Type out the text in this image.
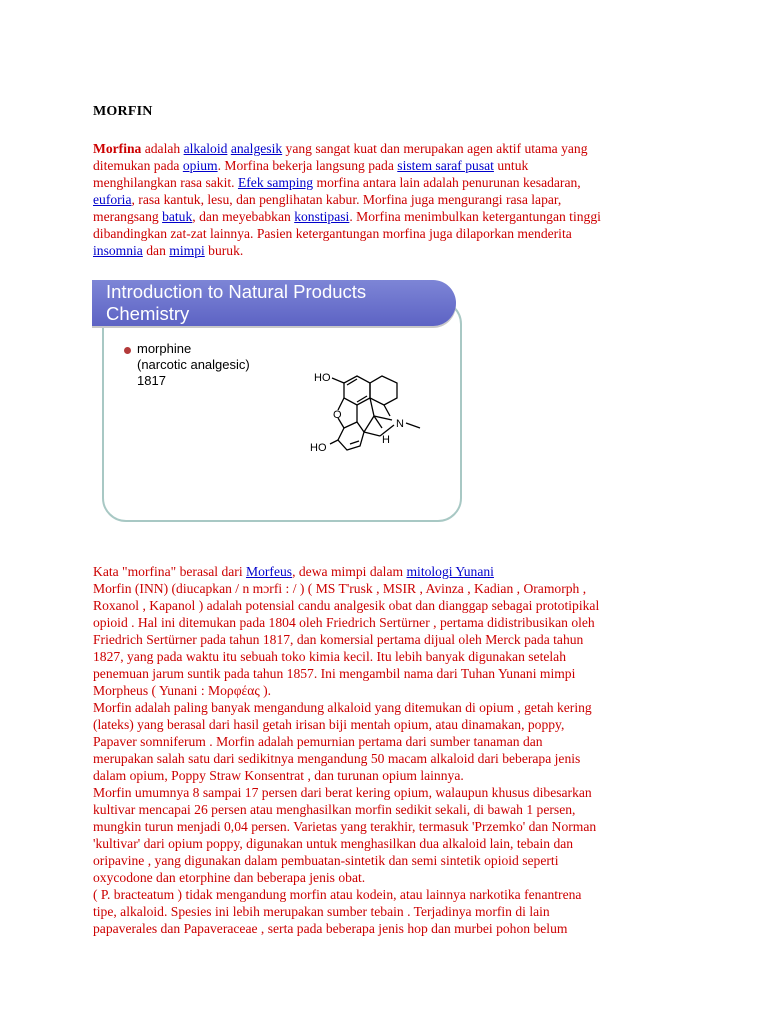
MORFIN
Morfina adalah alkaloid analgesik yang sangat kuat dan merupakan agen aktif utama yang
ditemukan pada opium. Morfina bekerja langsung pada sistem saraf pusat untuk
menghilangkan rasa sakit. Efek samping morfina antara lain adalah penurunan kesadaran,
euforia, rasa kantuk, lesu, dan penglihatan kabur. Morfina juga mengurangi rasa lapar,
merangsang batuk, dan meyebabkan konstipasi. Morfina menimbulkan ketergantungan tinggi
dibandingkan zat-zat lainnya. Pasien ketergantungan morfina juga dilaporkan menderita
insomnia dan mimpi buruk.
Introduction to Natural Products
Chemistry
morphine
(narcotic analgesic)
1817	HO
O
N
H
HO
Kata "morfina" berasal dari Morfeus, dewa mimpi dalam mitologi Yunani
Morfin (INN) (diucapkan / n mɔrfi : / ) ( MS T'rusk , MSIR , Avinza , Kadian , Oramorph ,
Roxanol , Kapanol ) adalah potensial candu analgesik obat dan dianggap sebagai prototipikal
opioid . Hal ini ditemukan pada 1804 oleh Friedrich Sertürner , pertama didistribusikan oleh
Friedrich Sertürner pada tahun 1817, dan komersial pertama dijual oleh Merck pada tahun
1827, yang pada waktu itu sebuah toko kimia kecil. Itu lebih banyak digunakan setelah
penemuan jarum suntik pada tahun 1857. Ini mengambil nama dari Tuhan Yunani mimpi
Morpheus ( Yunani : Μορφέας ).
Morfin adalah paling banyak mengandung alkaloid yang ditemukan di opium , getah kering
(lateks) yang berasal dari hasil getah irisan biji mentah opium, atau dinamakan, poppy,
Papaver somniferum . Morfin adalah pemurnian pertama dari sumber tanaman dan
merupakan salah satu dari sedikitnya mengandung 50 macam alkaloid dari beberapa jenis
dalam opium, Poppy Straw Konsentrat , dan turunan opium lainnya.
Morfin umumnya 8 sampai 17 persen dari berat kering opium, walaupun khusus dibesarkan
kultivar mencapai 26 persen atau menghasilkan morfin sedikit sekali, di bawah 1 persen,
mungkin turun menjadi 0,04 persen. Varietas yang terakhir, termasuk 'Przemko' dan Norman
'kultivar' dari opium poppy, digunakan untuk menghasilkan dua alkaloid lain, tebain dan
oripavine , yang digunakan dalam pembuatan-sintetik dan semi sintetik opioid seperti
oxycodone dan etorphine dan beberapa jenis obat.
( P. bracteatum ) tidak mengandung morfin atau kodein, atau lainnya narkotika fenantrena
tipe, alkaloid. Spesies ini lebih merupakan sumber tebain . Terjadinya morfin di lain
papaverales dan Papaveraceae , serta pada beberapa jenis hop dan murbei pohon belum
